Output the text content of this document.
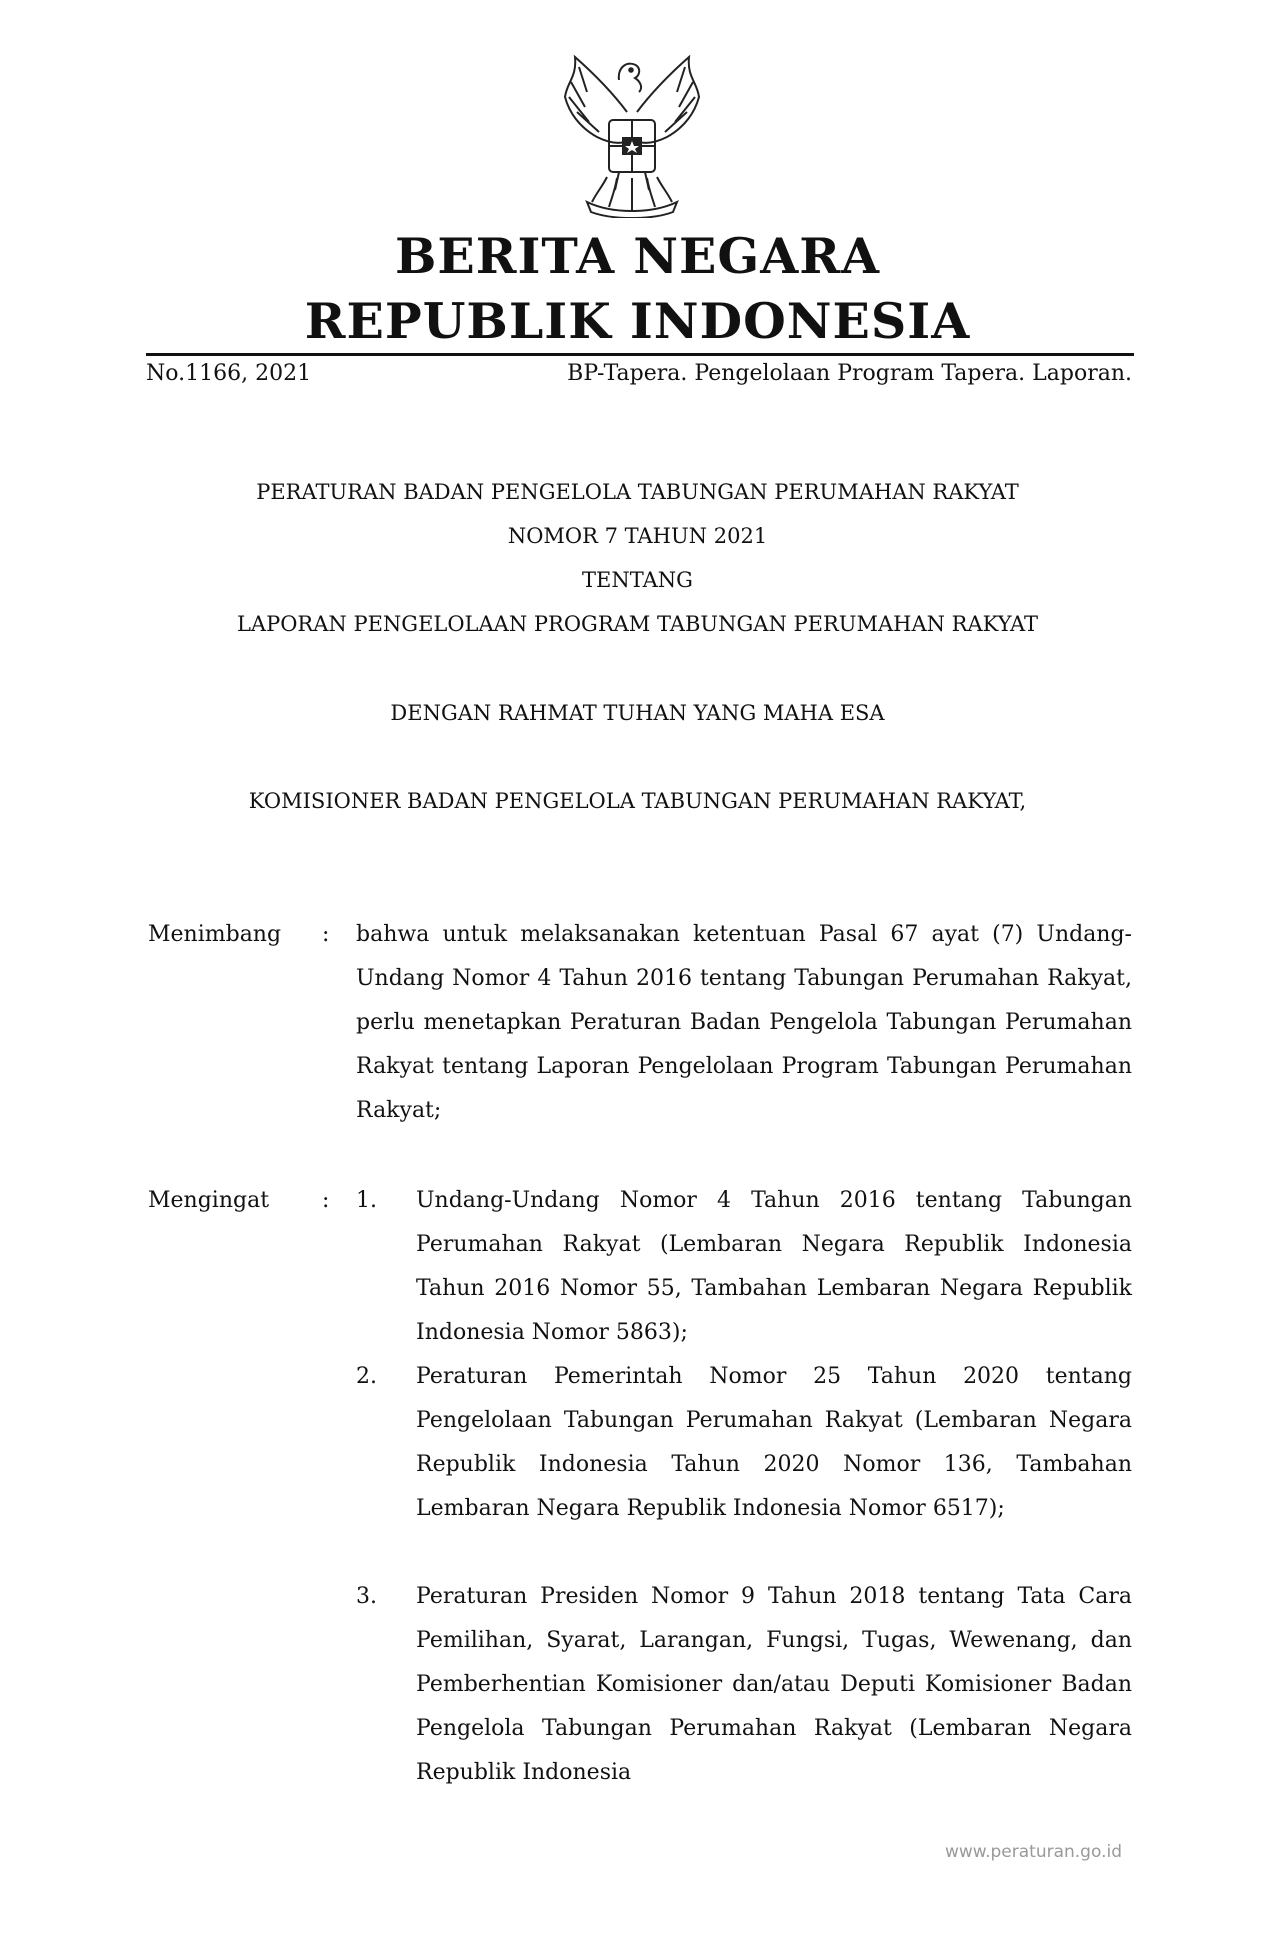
BERITA NEGARA
REPUBLIK INDONESIA
No.1166, 2021	BP-Tapera. Pengelolaan Program Tapera. Laporan.
PERATURAN BADAN PENGELOLA TABUNGAN PERUMAHAN RAKYAT
NOMOR 7 TAHUN 2021
TENTANG
LAPORAN PENGELOLAAN PROGRAM TABUNGAN PERUMAHAN RAKYAT
DENGAN RAHMAT TUHAN YANG MAHA ESA
KOMISIONER BADAN PENGELOLA TABUNGAN PERUMAHAN RAKYAT,
Menimbang : bahwa untuk melaksanakan ketentuan Pasal 67 ayat (7) Undang-Undang Nomor 4 Tahun 2016 tentang Tabungan Perumahan Rakyat, perlu menetapkan Peraturan Badan Pengelola Tabungan Perumahan Rakyat tentang Laporan Pengelolaan Program Tabungan Perumahan Rakyat;
Mengingat : 1. Undang-Undang Nomor 4 Tahun 2016 tentang Tabungan Perumahan Rakyat (Lembaran Negara Republik Indonesia Tahun 2016 Nomor 55, Tambahan Lembaran Negara Republik Indonesia Nomor 5863);
2. Peraturan Pemerintah Nomor 25 Tahun 2020 tentang Pengelolaan Tabungan Perumahan Rakyat (Lembaran Negara Republik Indonesia Tahun 2020 Nomor 136, Tambahan Lembaran Negara Republik Indonesia Nomor 6517);
3. Peraturan Presiden Nomor 9 Tahun 2018 tentang Tata Cara Pemilihan, Syarat, Larangan, Fungsi, Tugas, Wewenang, dan Pemberhentian Komisioner dan/atau Deputi Komisioner Badan Pengelola Tabungan Perumahan Rakyat (Lembaran Negara Republik Indonesia
www.peraturan.go.id
